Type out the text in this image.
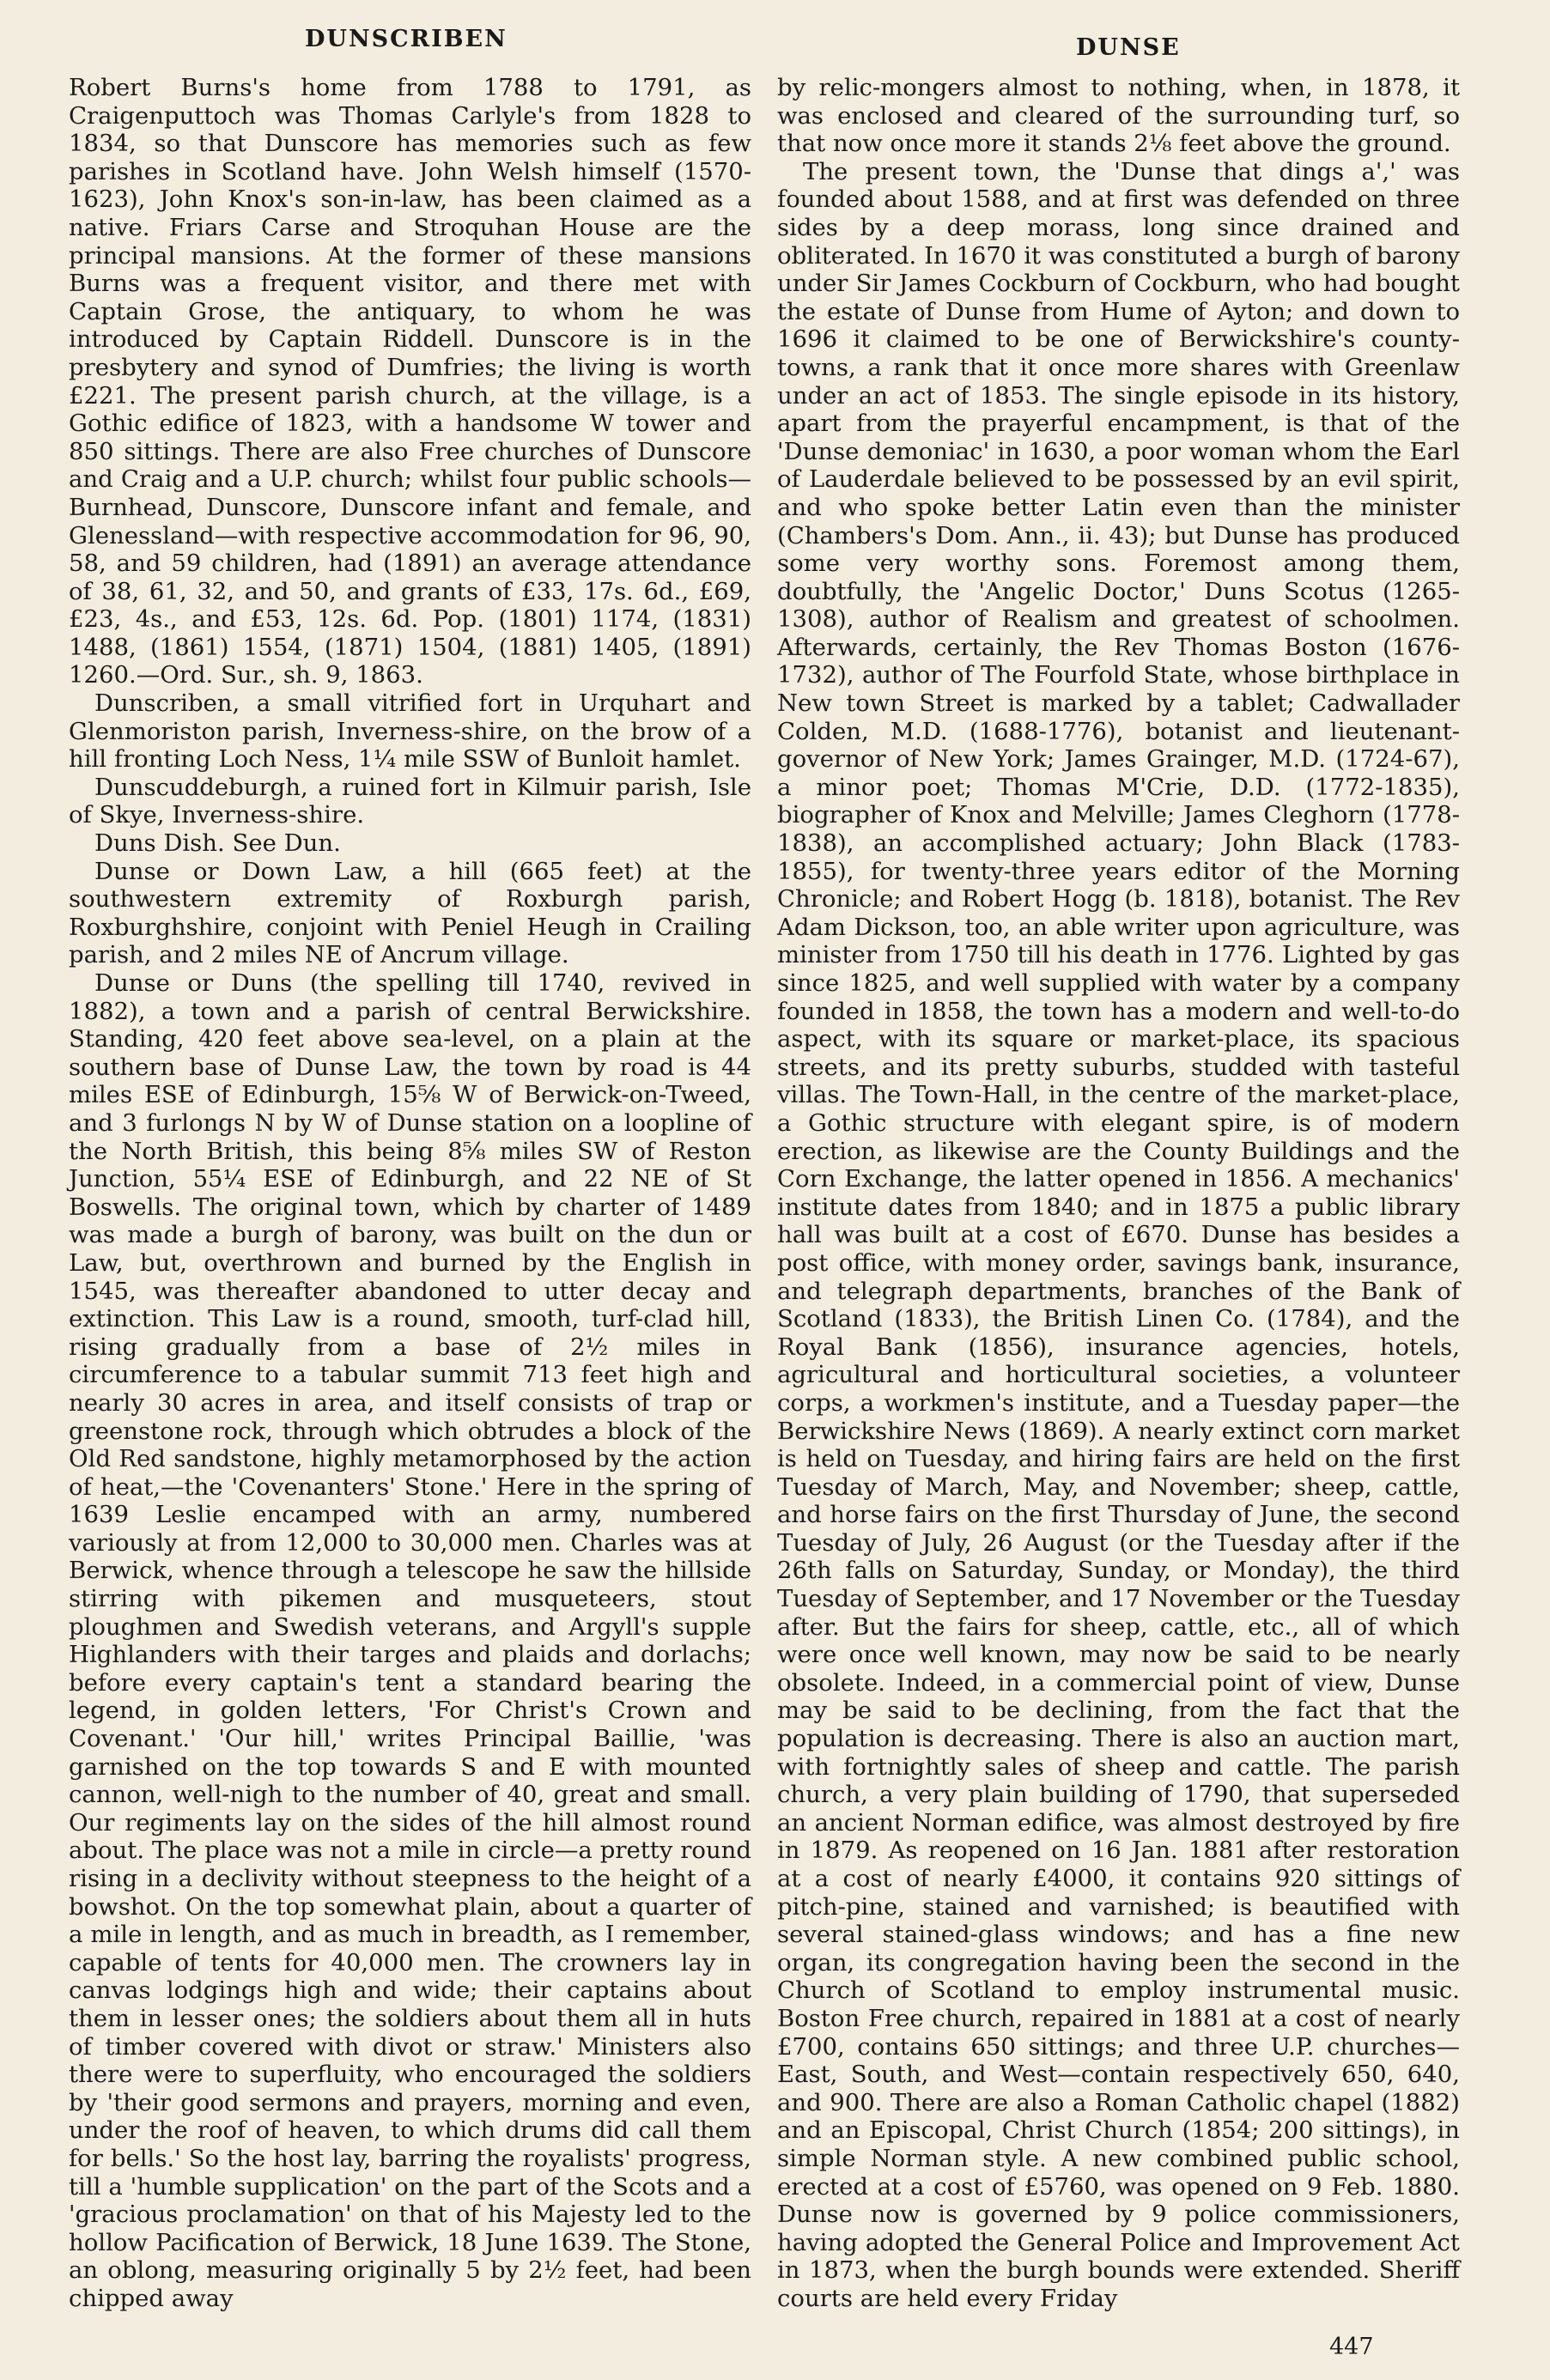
DUNSCRIBEN	DUNSE

Robert Burns's home from 1788 to 1791, as Craigenputtoch was Thomas Carlyle's from 1828 to 1834, so that Dunscore has memories such as few parishes in Scotland have. John Welsh himself (1570-1623), John Knox's son-in-law, has been claimed as a native. Friars Carse and Stroquhan House are the principal mansions. At the former of these mansions Burns was a frequent visitor, and there met with Captain Grose, the antiquary, to whom he was introduced by Captain Riddell. Dunscore is in the presbytery and synod of Dumfries; the living is worth £221. The present parish church, at the village, is a Gothic edifice of 1823, with a handsome W tower and 850 sittings. There are also Free churches of Dunscore and Craig and a U.P. church; whilst four public schools—Burnhead, Dunscore, Dunscore infant and female, and Glenessland—with respective accommodation for 96, 90, 58, and 59 children, had (1891) an average attendance of 38, 61, 32, and 50, and grants of £33, 17s. 6d., £69, £23, 4s., and £53, 12s. 6d. Pop. (1801) 1174, (1831) 1488, (1861) 1554, (1871) 1504, (1881) 1405, (1891) 1260.—Ord. Sur., sh. 9, 1863.

Dunscriben, a small vitrified fort in Urquhart and Glenmoriston parish, Inverness-shire, on the brow of a hill fronting Loch Ness, 1¼ mile SSW of Bunloit hamlet.

Dunscuddeburgh, a ruined fort in Kilmuir parish, Isle of Skye, Inverness-shire.

Duns Dish. See Dun.

Dunse or Down Law, a hill (665 feet) at the southwestern extremity of Roxburgh parish, Roxburghshire, conjoint with Peniel Heugh in Crailing parish, and 2 miles NE of Ancrum village.

Dunse or Duns (the spelling till 1740, revived in 1882), a town and a parish of central Berwickshire. Standing, 420 feet above sea-level, on a plain at the southern base of Dunse Law, the town by road is 44 miles ESE of Edinburgh, 15⅝ W of Berwick-on-Tweed, and 3 furlongs N by W of Dunse station on a loopline of the North British, this being 8⅝ miles SW of Reston Junction, 55¼ ESE of Edinburgh, and 22 NE of St Boswells. The original town, which by charter of 1489 was made a burgh of barony, was built on the dun or Law, but, overthrown and burned by the English in 1545, was thereafter abandoned to utter decay and extinction. This Law is a round, smooth, turf-clad hill, rising gradually from a base of 2½ miles in circumference to a tabular summit 713 feet high and nearly 30 acres in area, and itself consists of trap or greenstone rock, through which obtrudes a block of the Old Red sandstone, highly metamorphosed by the action of heat,—the 'Covenanters' Stone.' Here in the spring of 1639 Leslie encamped with an army, numbered variously at from 12,000 to 30,000 men. Charles was at Berwick, whence through a telescope he saw the hillside stirring with pikemen and musqueteers, stout ploughmen and Swedish veterans, and Argyll's supple Highlanders with their targes and plaids and dorlachs; before every captain's tent a standard bearing the legend, in golden letters, 'For Christ's Crown and Covenant.' 'Our hill,' writes Principal Baillie, 'was garnished on the top towards S and E with mounted cannon, well-nigh to the number of 40, great and small. Our regiments lay on the sides of the hill almost round about. The place was not a mile in circle—a pretty round rising in a declivity without steepness to the height of a bowshot. On the top somewhat plain, about a quarter of a mile in length, and as much in breadth, as I remember, capable of tents for 40,000 men. The crowners lay in canvas lodgings high and wide; their captains about them in lesser ones; the soldiers about them all in huts of timber covered with divot or straw.' Ministers also there were to superfluity, who encouraged the soldiers by 'their good sermons and prayers, morning and even, under the roof of heaven, to which drums did call them for bells.' So the host lay, barring the royalists' progress, till a 'humble supplication' on the part of the Scots and a 'gracious proclamation' on that of his Majesty led to the hollow Pacification of Berwick, 18 June 1639. The Stone, an oblong, measuring originally 5 by 2½ feet, had been chipped away

by relic-mongers almost to nothing, when, in 1878, it was enclosed and cleared of the surrounding turf, so that now once more it stands 2⅛ feet above the ground.

The present town, the 'Dunse that dings a',' was founded about 1588, and at first was defended on three sides by a deep morass, long since drained and obliterated. In 1670 it was constituted a burgh of barony under Sir James Cockburn of Cockburn, who had bought the estate of Dunse from Hume of Ayton; and down to 1696 it claimed to be one of Berwickshire's county-towns, a rank that it once more shares with Greenlaw under an act of 1853. The single episode in its history, apart from the prayerful encampment, is that of the 'Dunse demoniac' in 1630, a poor woman whom the Earl of Lauderdale believed to be possessed by an evil spirit, and who spoke better Latin even than the minister (Chambers's Dom. Ann., ii. 43); but Dunse has produced some very worthy sons. Foremost among them, doubtfully, the 'Angelic Doctor,' Duns Scotus (1265-1308), author of Realism and greatest of schoolmen. Afterwards, certainly, the Rev Thomas Boston (1676-1732), author of The Fourfold State, whose birthplace in New town Street is marked by a tablet; Cadwallader Colden, M.D. (1688-1776), botanist and lieutenant-governor of New York; James Grainger, M.D. (1724-67), a minor poet; Thomas M'Crie, D.D. (1772-1835), biographer of Knox and Melville; James Cleghorn (1778-1838), an accomplished actuary; John Black (1783-1855), for twenty-three years editor of the Morning Chronicle; and Robert Hogg (b. 1818), botanist. The Rev Adam Dickson, too, an able writer upon agriculture, was minister from 1750 till his death in 1776. Lighted by gas since 1825, and well supplied with water by a company founded in 1858, the town has a modern and well-to-do aspect, with its square or market-place, its spacious streets, and its pretty suburbs, studded with tasteful villas. The Town-Hall, in the centre of the market-place, a Gothic structure with elegant spire, is of modern erection, as likewise are the County Buildings and the Corn Exchange, the latter opened in 1856. A mechanics' institute dates from 1840; and in 1875 a public library hall was built at a cost of £670. Dunse has besides a post office, with money order, savings bank, insurance, and telegraph departments, branches of the Bank of Scotland (1833), the British Linen Co. (1784), and the Royal Bank (1856), insurance agencies, hotels, agricultural and horticultural societies, a volunteer corps, a workmen's institute, and a Tuesday paper—the Berwickshire News (1869). A nearly extinct corn market is held on Tuesday, and hiring fairs are held on the first Tuesday of March, May, and November; sheep, cattle, and horse fairs on the first Thursday of June, the second Tuesday of July, 26 August (or the Tuesday after if the 26th falls on Saturday, Sunday, or Monday), the third Tuesday of September, and 17 November or the Tuesday after. But the fairs for sheep, cattle, etc., all of which were once well known, may now be said to be nearly obsolete. Indeed, in a commercial point of view, Dunse may be said to be declining, from the fact that the population is decreasing. There is also an auction mart, with fortnightly sales of sheep and cattle. The parish church, a very plain building of 1790, that superseded an ancient Norman edifice, was almost destroyed by fire in 1879. As reopened on 16 Jan. 1881 after restoration at a cost of nearly £4000, it contains 920 sittings of pitch-pine, stained and varnished; is beautified with several stained-glass windows; and has a fine new organ, its congregation having been the second in the Church of Scotland to employ instrumental music. Boston Free church, repaired in 1881 at a cost of nearly £700, contains 650 sittings; and three U.P. churches—East, South, and West—contain respectively 650, 640, and 900. There are also a Roman Catholic chapel (1882) and an Episcopal, Christ Church (1854; 200 sittings), in simple Norman style. A new combined public school, erected at a cost of £5760, was opened on 9 Feb. 1880. Dunse now is governed by 9 police commissioners, having adopted the General Police and Improvement Act in 1873, when the burgh bounds were extended. Sheriff courts are held every Friday

447
